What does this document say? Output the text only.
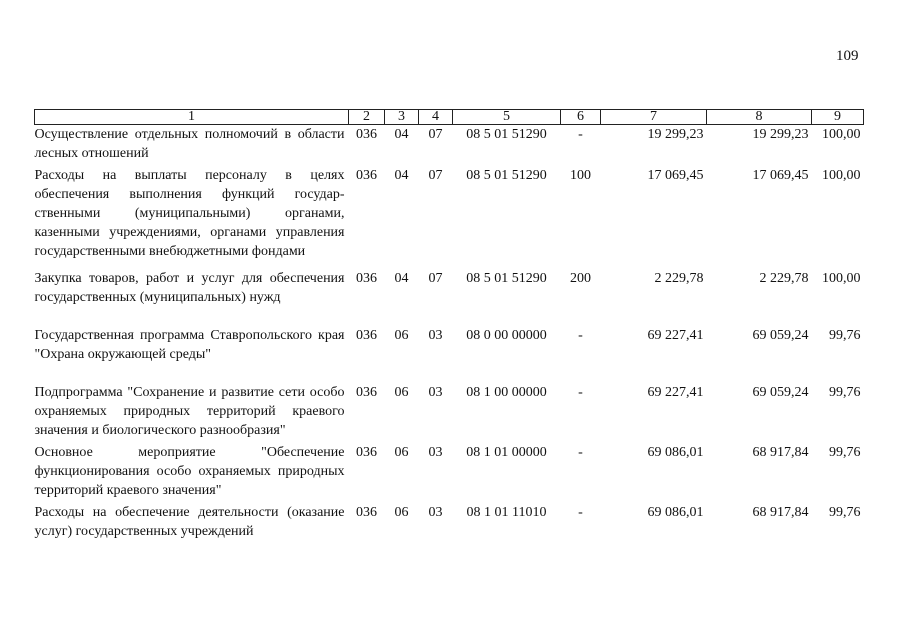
109
1	2	3	4	5	6	7	8	9
Осуществление отдельных полномочий в области лесных отношений	036	04	07	08 5 01 51290	-	19 299,23	19 299,23	100,00

Расходы на выплаты персоналу в целях обеспечения выполнения функций государ-ственными (муниципальными) органами, казенными учреждениями, органами управления государственными внебюджетными фондами	036	04	07	08 5 01 51290	100	17 069,45	17 069,45	100,00

Закупка товаров, работ и услуг для обеспечения государственных (муниципальных) нужд	036	04	07	08 5 01 51290	200	2 229,78	2 229,78	100,00

Государственная программа Ставропольского края "Охрана окружающей среды"	036	06	03	08 0 00 00000	-	69 227,41	69 059,24	99,76

Подпрограмма "Сохранение и развитие сети особо охраняемых природных территорий краевого значения и биологического разнообразия"	036	06	03	08 1 00 00000	-	69 227,41	69 059,24	99,76

Основное мероприятие "Обеспечение функционирования особо охраняемых природных территорий краевого значения"	036	06	03	08 1 01 00000	-	69 086,01	68 917,84	99,76

Расходы на обеспечение деятельности (оказание услуг) государственных учреждений	036	06	03	08 1 01 11010	-	69 086,01	68 917,84	99,76
